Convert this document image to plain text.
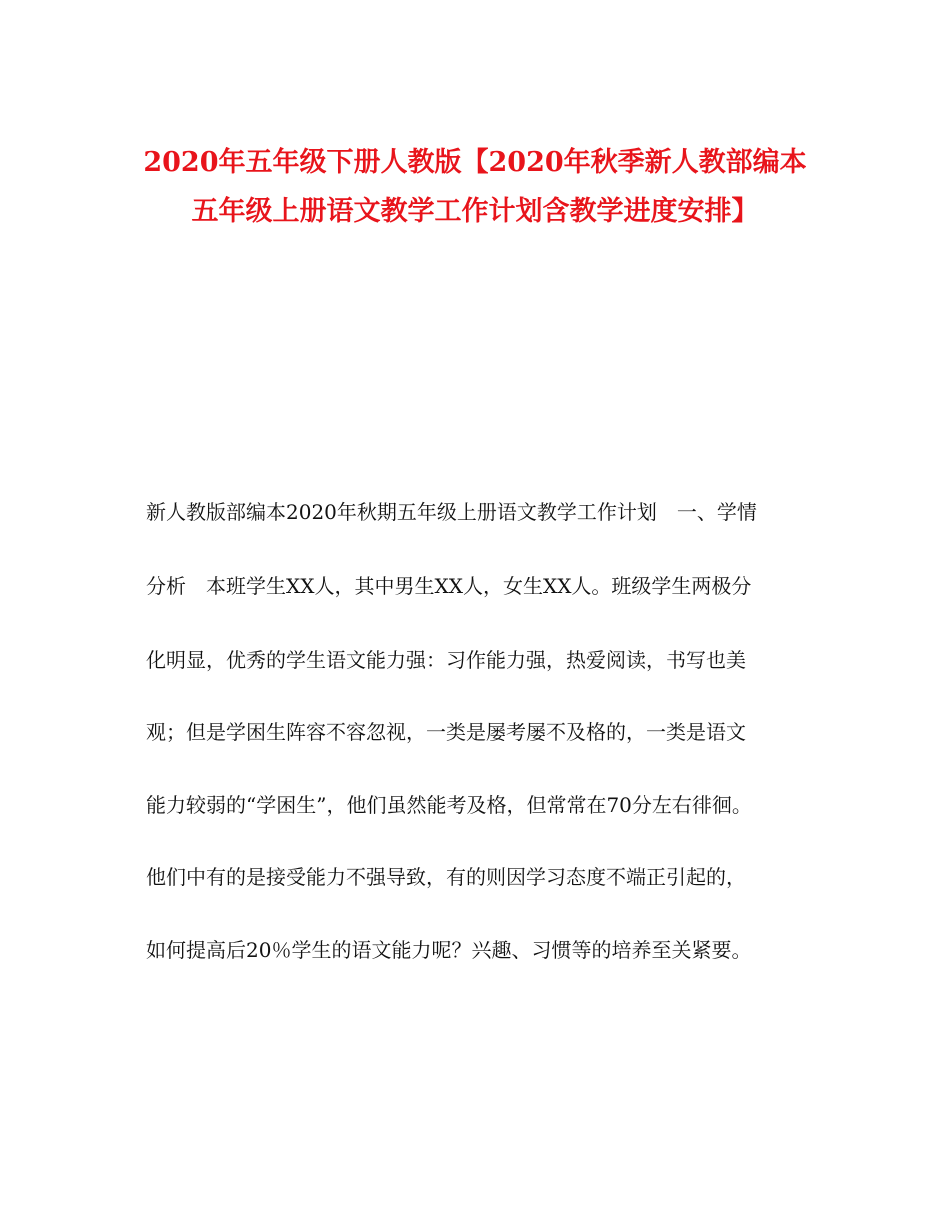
2020年五年级下册人教版【2020年秋季新人教部编本
五年级上册语文教学工作计划含教学进度安排】
新人教版部编本2020年秋期五年级上册语文教学工作计划　一、学情
分析　本班学生XX人，其中男生XX人，女生XX人。班级学生两极分
化明显，优秀的学生语文能力强：习作能力强，热爱阅读，书写也美
观；但是学困生阵容不容忽视，一类是屡考屡不及格的，一类是语文
能力较弱的“学困生”，他们虽然能考及格，但常常在70分左右徘徊。
他们中有的是接受能力不强导致，有的则因学习态度不端正引起的，
如何提高后20％学生的语文能力呢？兴趣、习惯等的培养至关紧要。
